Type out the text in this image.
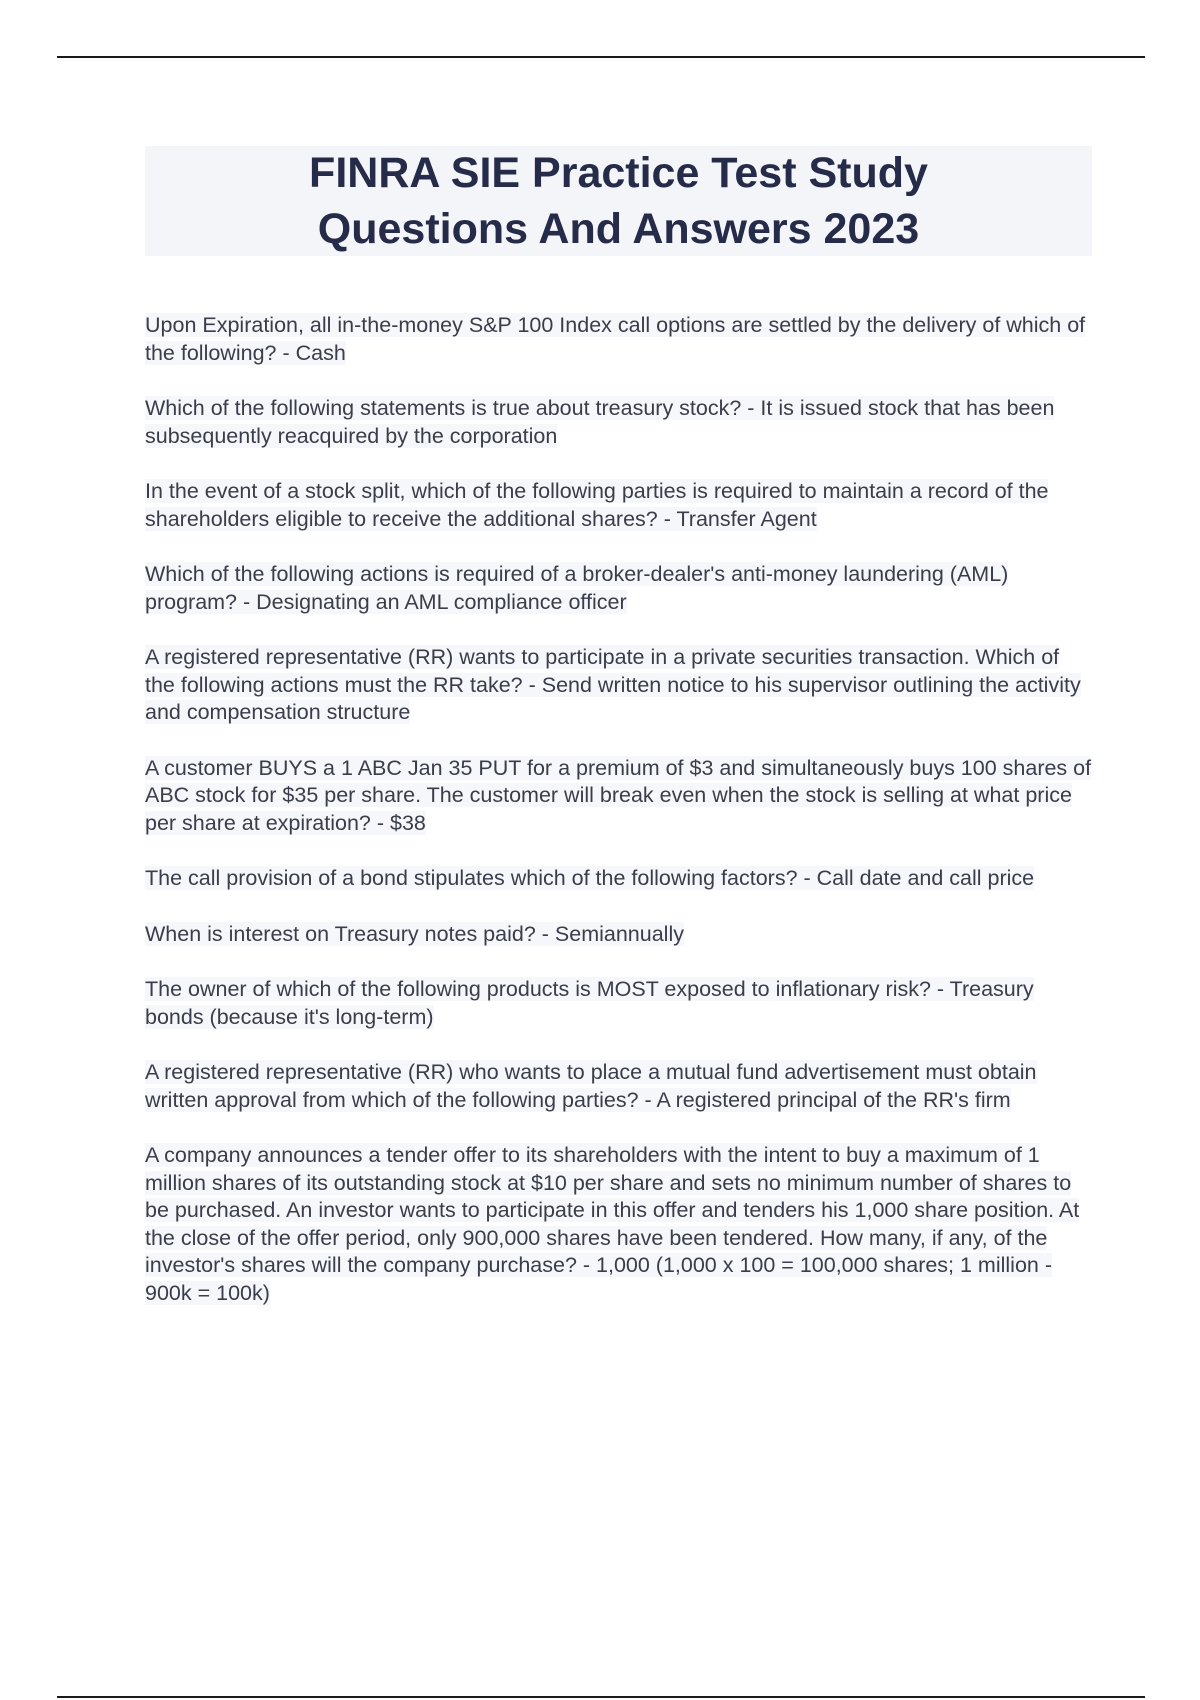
FINRA SIE Practice Test Study
Questions And Answers 2023
Upon Expiration, all in-the-money S&P 100 Index call options are settled by the delivery of which of the following? - Cash
Which of the following statements is true about treasury stock? - It is issued stock that has been subsequently reacquired by the corporation
In the event of a stock split, which of the following parties is required to maintain a record of the shareholders eligible to receive the additional shares? - Transfer Agent
Which of the following actions is required of a broker-dealer's anti-money laundering (AML) program? - Designating an AML compliance officer
A registered representative (RR) wants to participate in a private securities transaction. Which of the following actions must the RR take? - Send written notice to his supervisor outlining the activity and compensation structure
A customer BUYS a 1 ABC Jan 35 PUT for a premium of $3 and simultaneously buys 100 shares of ABC stock for $35 per share. The customer will break even when the stock is selling at what price per share at expiration? - $38
The call provision of a bond stipulates which of the following factors? - Call date and call price
When is interest on Treasury notes paid? - Semiannually
The owner of which of the following products is MOST exposed to inflationary risk? - Treasury bonds (because it's long-term)
A registered representative (RR) who wants to place a mutual fund advertisement must obtain written approval from which of the following parties? - A registered principal of the RR's firm
A company announces a tender offer to its shareholders with the intent to buy a maximum of 1 million shares of its outstanding stock at $10 per share and sets no minimum number of shares to be purchased. An investor wants to participate in this offer and tenders his 1,000 share position. At the close of the offer period, only 900,000 shares have been tendered. How many, if any, of the investor's shares will the company purchase? - 1,000 (1,000 x 100 = 100,000 shares; 1 million - 900k = 100k)
